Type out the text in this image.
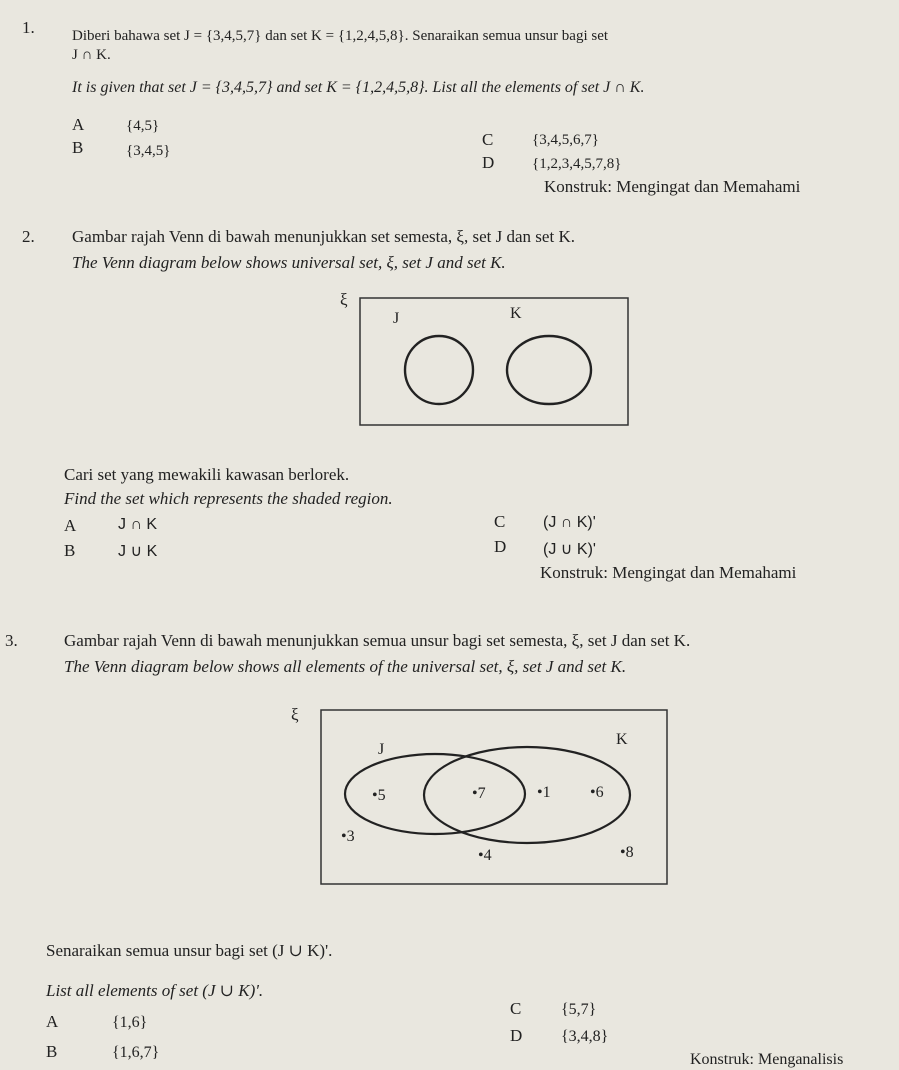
1. Diberi bahawa set J = {3,4,5,7} dan set K = {1,2,4,5,8}. Senaraikan semua unsur bagi set
J ∩ K.
It is given that set J = {3,4,5,7} and set K = {1,2,4,5,8}. List all the elements of set J ∩ K.
A	{4,5}
B	{3,4,5}
C	{3,4,5,6,7}
D	{1,2,3,4,5,7,8}
Konstruk: Mengingat dan Memahami
2. Gambar rajah Venn di bawah menunjukkan set semesta, ξ, set J dan set K.
The Venn diagram below shows universal set, ξ, set J and set K.
ξ
J	K
Cari set yang mewakili kawasan berlorek.
Find the set which represents the shaded region.
A	J ∩ K
B	J ∪ K
C (J ∩ K)'
D (J ∪ K)'
Konstruk: Mengingat dan Memahami
3.	Gambar rajah Venn di bawah menunjukkan semua unsur bagi set semesta, ξ, set J dan set K.
The Venn diagram below shows all elements of the universal set, ξ, set J and set K.
ξ
J
K
•5	•7	•1 •6
•3
•4	•8
Senaraikan semua unsur bagi set (J ∪ K)'.
List all elements of set (J ∪ K)'.
A	{1,6}
B	{1,6,7}
C {5,7}
D {3,4,8}
Konstruk: Menganalisis
